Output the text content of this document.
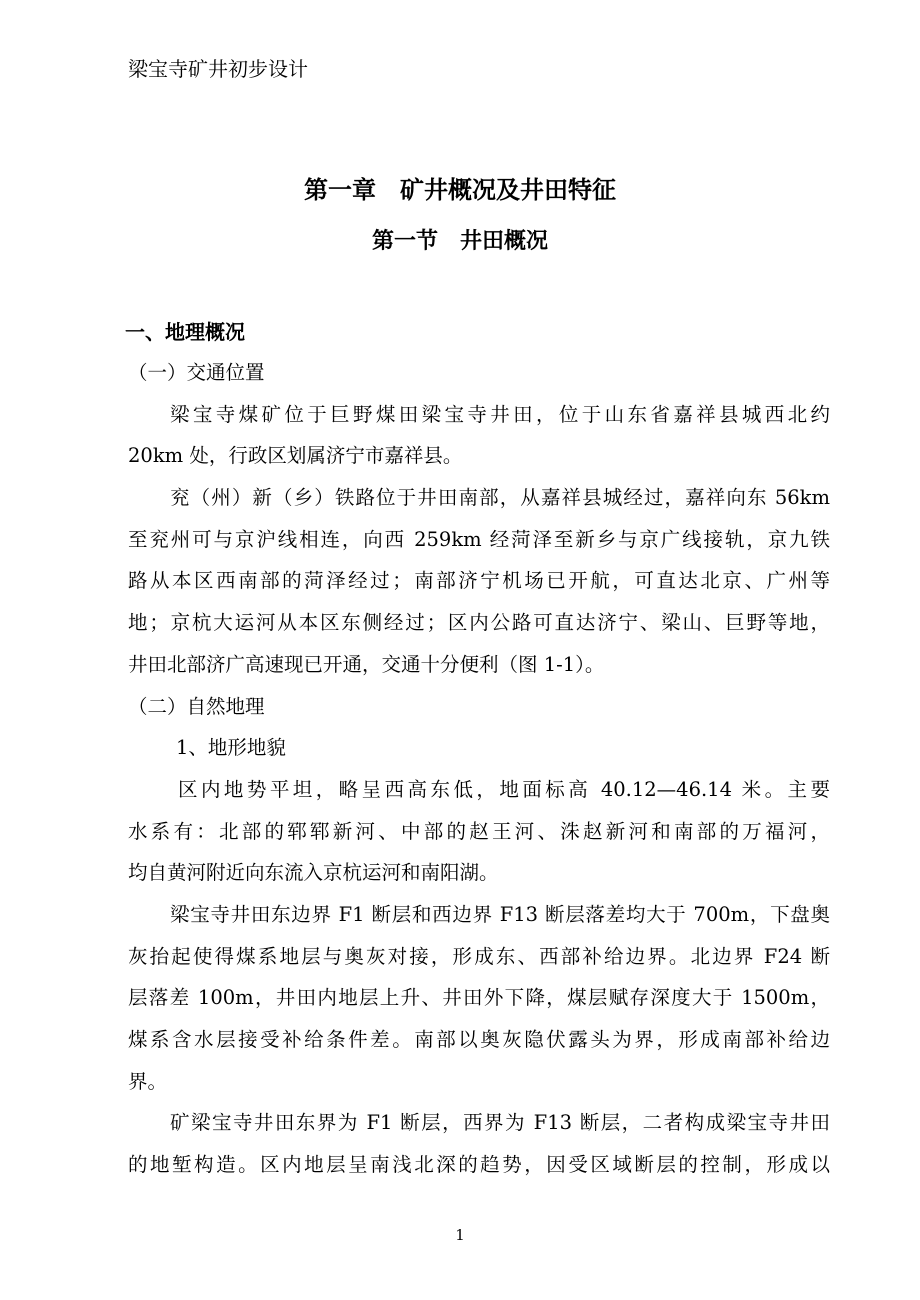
梁宝寺矿井初步设计
第一章　矿井概况及井田特征
第一节　井田概况
一、地理概况
（一）交通位置
梁宝寺煤矿位于巨野煤田梁宝寺井田，位于山东省嘉祥县城西北约
20km 处，行政区划属济宁市嘉祥县。
兖（州）新（乡）铁路位于井田南部，从嘉祥县城经过，嘉祥向东 56km
至兖州可与京沪线相连，向西 259km 经菏泽至新乡与京广线接轨，京九铁
路从本区西南部的菏泽经过；南部济宁机场已开航，可直达北京、广州等
地；京杭大运河从本区东侧经过；区内公路可直达济宁、梁山、巨野等地，
井田北部济广高速现已开通，交通十分便利（图 1-1）。
（二）自然地理
1、地形地貌
区内地势平坦，略呈西高东低，地面标高 40.12—46.14 米。主要
水系有：北部的郓郓新河、中部的赵王河、洙赵新河和南部的万福河，
均自黄河附近向东流入京杭运河和南阳湖。
梁宝寺井田东边界 F1 断层和西边界 F13 断层落差均大于 700m，下盘奥
灰抬起使得煤系地层与奥灰对接，形成东、西部补给边界。北边界 F24 断
层落差 100m，井田内地层上升、井田外下降，煤层赋存深度大于 1500m，
煤系含水层接受补给条件差。南部以奥灰隐伏露头为界，形成南部补给边
界。
矿梁宝寺井田东界为 F1 断层，西界为 F13 断层，二者构成梁宝寺井田
的地堑构造。区内地层呈南浅北深的趋势，因受区域断层的控制，形成以
1
